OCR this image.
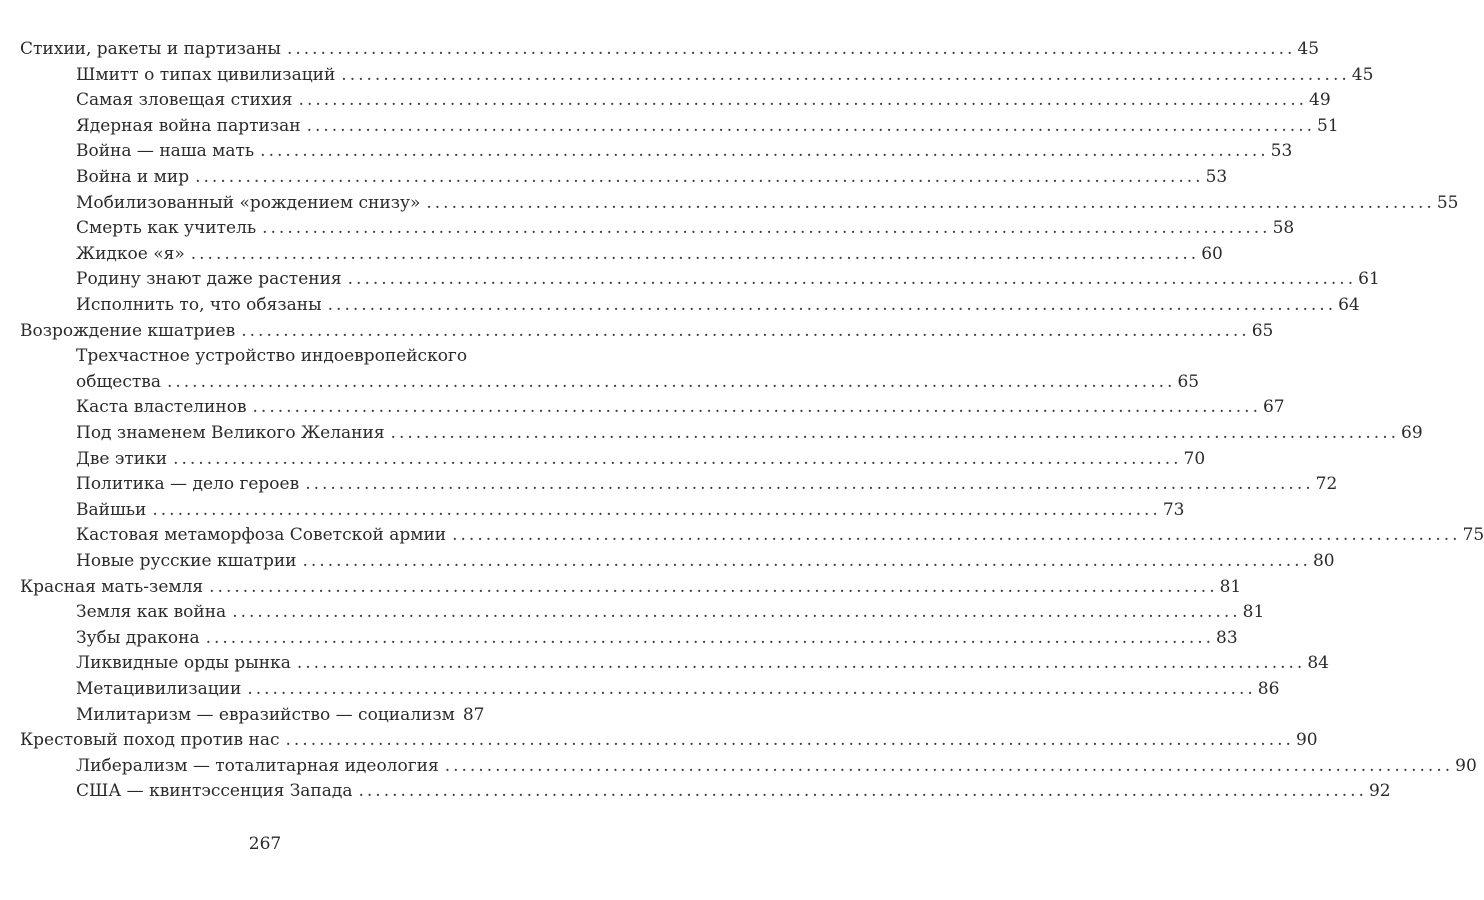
Стихии, ракеты и партизаны ........................................................................................................................ 45
Шмитт о типах цивилизаций ........................................................................................................................ 45
Самая зловещая стихия ........................................................................................................................ 49
Ядерная война партизан ........................................................................................................................ 51
Война — наша мать ........................................................................................................................ 53
Война и мир ........................................................................................................................ 53
Мобилизованный «рождением снизу» ........................................................................................................................ 55
Смерть как учитель ........................................................................................................................ 58
Жидкое «я» ........................................................................................................................ 60
Родину знают даже растения ........................................................................................................................ 61
Исполнить то, что обязаны ........................................................................................................................ 64
Возрождение кшатриев ........................................................................................................................ 65
Трехчастное устройство индоевропейского
общества ........................................................................................................................ 65
Каста властелинов ........................................................................................................................ 67
Под знаменем Великого Желания ........................................................................................................................ 69
Две этики ........................................................................................................................ 70
Политика — дело героев ........................................................................................................................ 72
Вайшьи ........................................................................................................................ 73
Кастовая метаморфоза Советской армии ........................................................................................................................ 75
Новые русские кшатрии ........................................................................................................................ 80
Красная мать-земля ........................................................................................................................ 81
Земля как война ........................................................................................................................ 81
Зубы дракона ........................................................................................................................ 83
Ликвидные орды рынка ........................................................................................................................ 84
Метацивилизации ........................................................................................................................ 86
Милитаризм — евразийство — социализм 87
Крестовый поход против нас ........................................................................................................................ 90
Либерализм — тоталитарная идеология ........................................................................................................................ 90
США — квинтэссенция Запада ........................................................................................................................ 92
267
